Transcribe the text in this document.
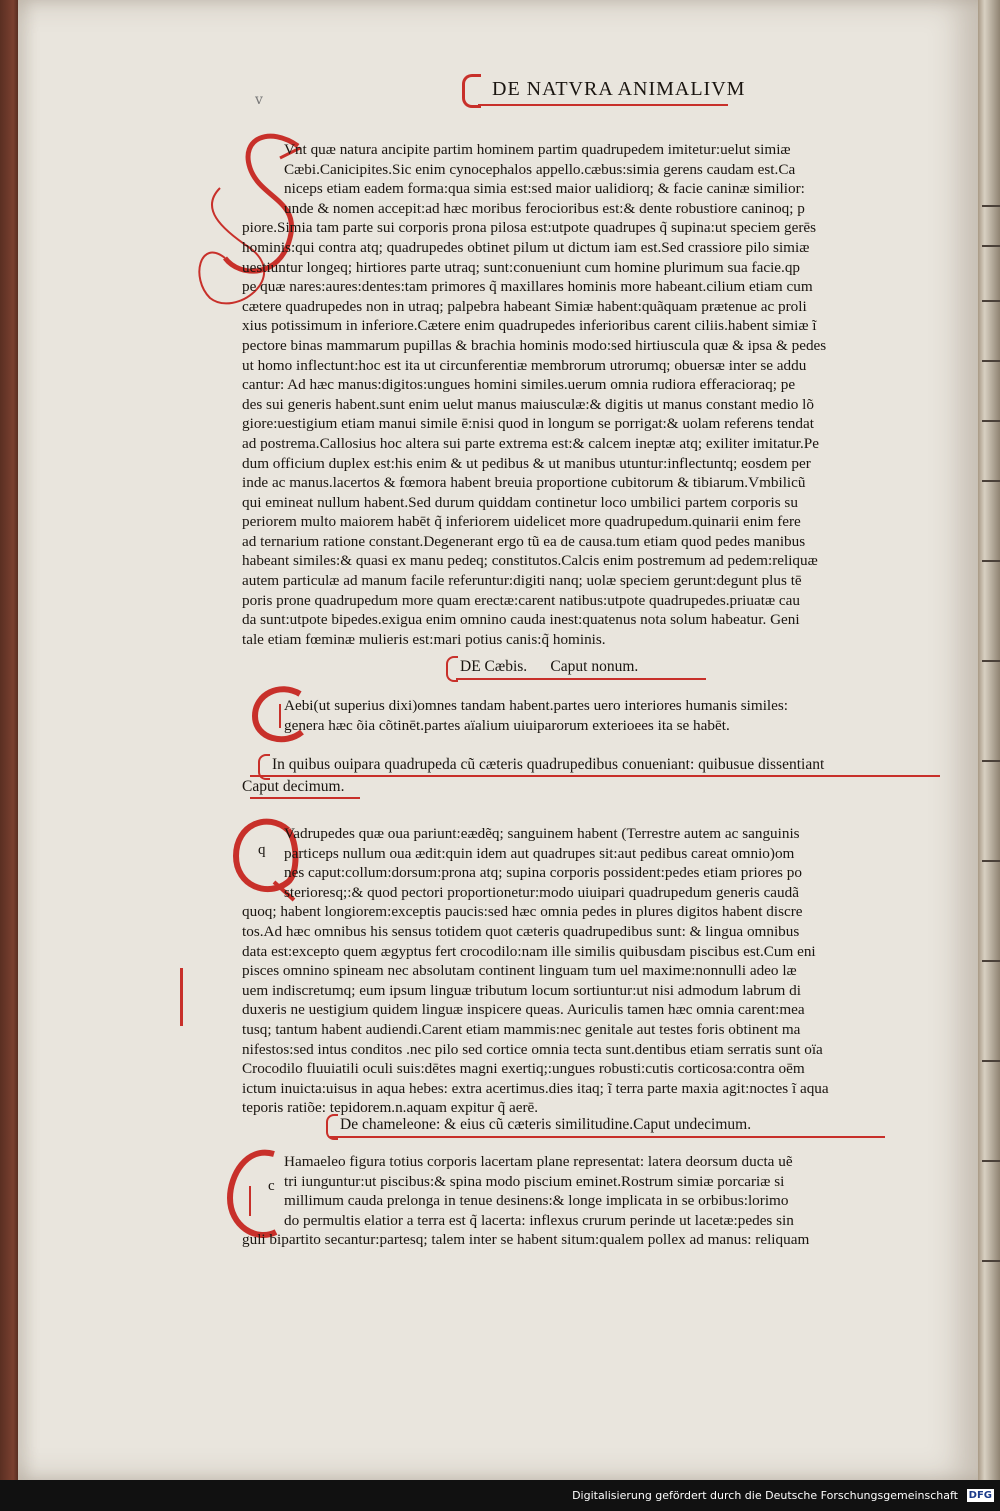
v	DE NATVRA ANIMALIVM
Vnt quæ natura ancipite partim hominem partim quadrupedem imitetur:uelut simiæ
Cæbi.Canicipites.Sic enim cynocephalos appello.cæbus:simia gerens caudam est.Ca
niceps etiam eadem forma:qua simia est:sed maior ualidiorq; & facie caninæ similior:
unde & nomen accepit:ad hæc moribus ferocioribus est:& dente robustiore caninoq; p
piore.Simia tam parte sui corporis prona pilosa est:utpote quadrupes q̃ supina:ut speciem gerēs
hominis:qui contra atq; quadrupedes obtinet pilum ut dictum iam est.Sed crassiore pilo simiæ
uestiuntur longeq; hirtiores parte utraq; sunt:conueniunt cum homine plurimum sua facie.qp
pe quæ nares:aures:dentes:tam primores q̃ maxillares hominis more habeant.cilium etiam cum
cætere quadrupedes non in utraq; palpebra habeant Simiæ habent:quãquam prætenue ac proli
xius potissimum in inferiore.Cætere enim quadrupedes inferioribus carent ciliis.habent simiæ ĩ
pectore binas mammarum pupillas & brachia hominis modo:sed hirtiuscula quæ & ipsa & pedes
ut homo inflectunt:hoc est ita ut circunferentiæ membrorum utrorumq; obuersæ inter se addu
cantur: Ad hæc manus:digitos:ungues homini similes.uerum omnia rudiora efferacioraq; pe
des sui generis habent.sunt enim uelut manus maiusculæ:& digitis ut manus constant medio lõ
giore:uestigium etiam manui simile ē:nisi quod in longum se porrigat:& uolam referens tendat
ad postrema.Callosius hoc altera sui parte extrema est:& calcem ineptæ atq; exiliter imitatur.Pe
dum officium duplex est:his enim & ut pedibus & ut manibus utuntur:inflectuntq; eosdem per
inde ac manus.lacertos & fœmora habent breuia proportione cubitorum & tibiarum.Vmbilicũ
qui emineat nullum habent.Sed durum quiddam continetur loco umbilici partem corporis su
periorem multo maiorem habēt q̃ inferiorem uidelicet more quadrupedum.quinarii enim fere
ad ternarium ratione constant.Degenerant ergo tũ ea de causa.tum etiam quod pedes manibus
habeant similes:& quasi ex manu pedeq; constitutos.Calcis enim postremum ad pedem:reliquæ
autem particulæ ad manum facile referuntur:digiti nanq; uolæ speciem gerunt:degunt plus tē
poris prone quadrupedum more quam erectæ:carent natibus:utpote quadrupedes.priuatæ cau
da sunt:utpote bipedes.exigua enim omnino cauda inest:quatenus nota solum habeatur. Geni
tale etiam fœminæ mulieris est:mari potius canis:q̃ hominis.
DE Cæbis.      Caput nonum.
Aebi(ut superius dixi)omnes tandam habent.partes uero interiores humanis similes:
genera hæc õia cõtinēt.partes aïalium uiuiparorum exterioees ita se habēt.
In quibus ouipara quadrupeda cũ cæteris quadrupedibus conueniant: quibusue dissentiant
Caput decimum.
q
Vadrupedes quæ oua pariunt:eædẽq; sanguinem habent (Terrestre autem ac sanguinis
particeps nullum oua ædit:quin idem aut quadrupes sit:aut pedibus careat omnio)om
nes caput:collum:dorsum:prona atq; supina corporis possident:pedes etiam priores po
sterioresq;:& quod pectori proportionetur:modo uiuipari quadrupedum generis caudã
quoq; habent longiorem:exceptis paucis:sed hæc omnia pedes in plures digitos habent discre
tos.Ad hæc omnibus his sensus totidem quot cæteris quadrupedibus sunt: & lingua omnibus
data est:excepto quem ægyptus fert crocodilo:nam ille similis quibusdam piscibus est.Cum eni
pisces omnino spineam nec absolutam continent linguam tum uel maxime:nonnulli adeo læ
uem indiscretumq; eum ipsum linguæ tributum locum sortiuntur:ut nisi admodum labrum di
duxeris ne uestigium quidem linguæ inspicere queas. Auriculis tamen hæc omnia carent:mea
tusq; tantum habent audiendi.Carent etiam mammis:nec genitale aut testes foris obtinent ma
nifestos:sed intus conditos .nec pilo sed cortice omnia tecta sunt.dentibus etiam serratis sunt oïa
Crocodilo fluuiatili oculi suis:dētes magni exertiq;:ungues robusti:cutis corticosa:contra oēm
ictum inuicta:uisus in aqua hebes: extra acertimus.dies itaq; ĩ terra parte maxia agit:noctes ĩ aqua
teporis ratiõe: tepidorem.n.aquam expitur q̃ aerē.
De chameleone: & eius cũ cæteris similitudine.Caput undecimum.
c
Hamaeleo figura totius corporis lacertam plane representat: latera deorsum ducta uẽ
tri iunguntur:ut piscibus:& spina modo piscium eminet.Rostrum simiæ porcariæ si
millimum cauda prelonga in tenue desinens:& longe implicata in se orbibus:lorimo
do permultis elatior a terra est q̃ lacerta: inflexus crurum perinde ut lacetæ:pedes sin
guli bipartito secantur:partesq; talem inter se habent situm:qualem pollex ad manus: reliquam
Digitalisierung gefördert durch die Deutsche Forschungsgemeinschaft DFG
